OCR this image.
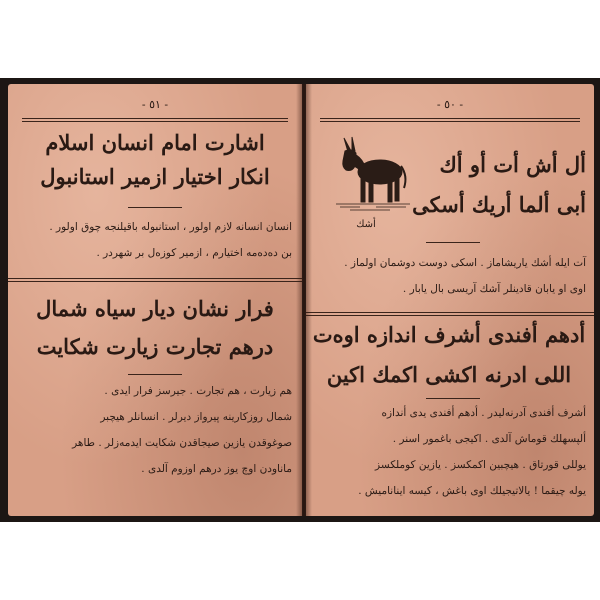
- ٥١ -
اشارت امام انسان اسلام
انكار اختيار ازمير استانبول
انسان انسانه لازم اولور ، استانبوله باقيلنجه چوق اولور .
بن دەدەمه اختيارم ، ازمير كوزەل بر شهردر .
فرار نشان ديار سياه شمال
درهم تجارت زيارت شكايت
هم زيارت ، هم تجارت . جيرسز فرار ايدى .
شمال روزكارينه پيرواز ديرلر . انسانلر هيچبر
صوغوقدن يازين صيجاقدن شكايت ايدمەزلر . طاهر
ماناودن اوچ يوز درهم اوزوم آلدى .
- ٥٠ -
أشك
أل أش أت أو أك
أبى ألما أريك أسكى
آت ايله أشك ياريشاماز . اسكى دوست دوشمان اولماز .
اوى او يابان قادينلر آشك آريسى بال يابار .
أدهم أفندى أشرف اندازه اوەت
اللى ادرنه اكشى اكمك اكين
أشرف أفندى آدرنەليدر . أدهم أفندى يدى أندازه
ألپسهلك قوماش آلدى . اكيجى باغمور اسنر .
يوللى قورتاق . هيچبين اكمكسز . يازين كوملكسز
يوله چيقما ! يالاتيجيلك اوى باغش ، كيسه ايناناميش .
